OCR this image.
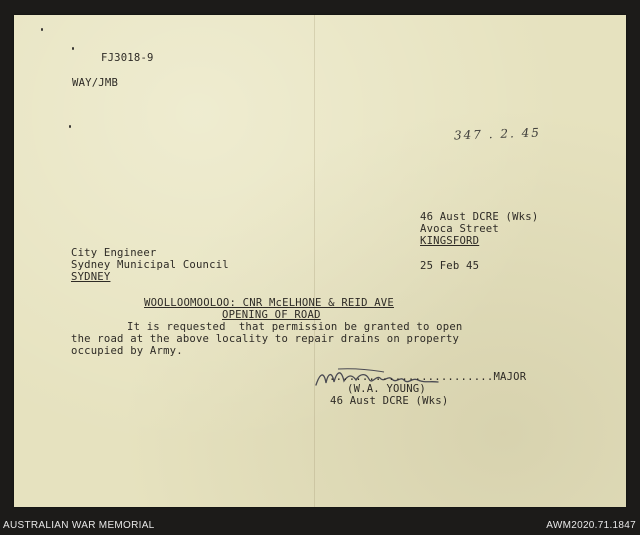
FJ3018-9
WAY/JMB
347 . 2. 45
46 Aust DCRE (Wks)
Avoca Street
KINGSFORD
City Engineer
Sydney Municipal Council
SYDNEY
25 Feb 45
WOOLLOOMOOLOO: CNR McELHONE & REID AVE
OPENING OF ROAD
It is requested  that permission be granted to open
the road at the above locality to repair drains on property
occupied by Army.
.........................MAJOR
(W.A. YOUNG)
46 Aust DCRE (Wks)
AUSTRALIAN WAR MEMORIAL	AWM2020.71.1847
